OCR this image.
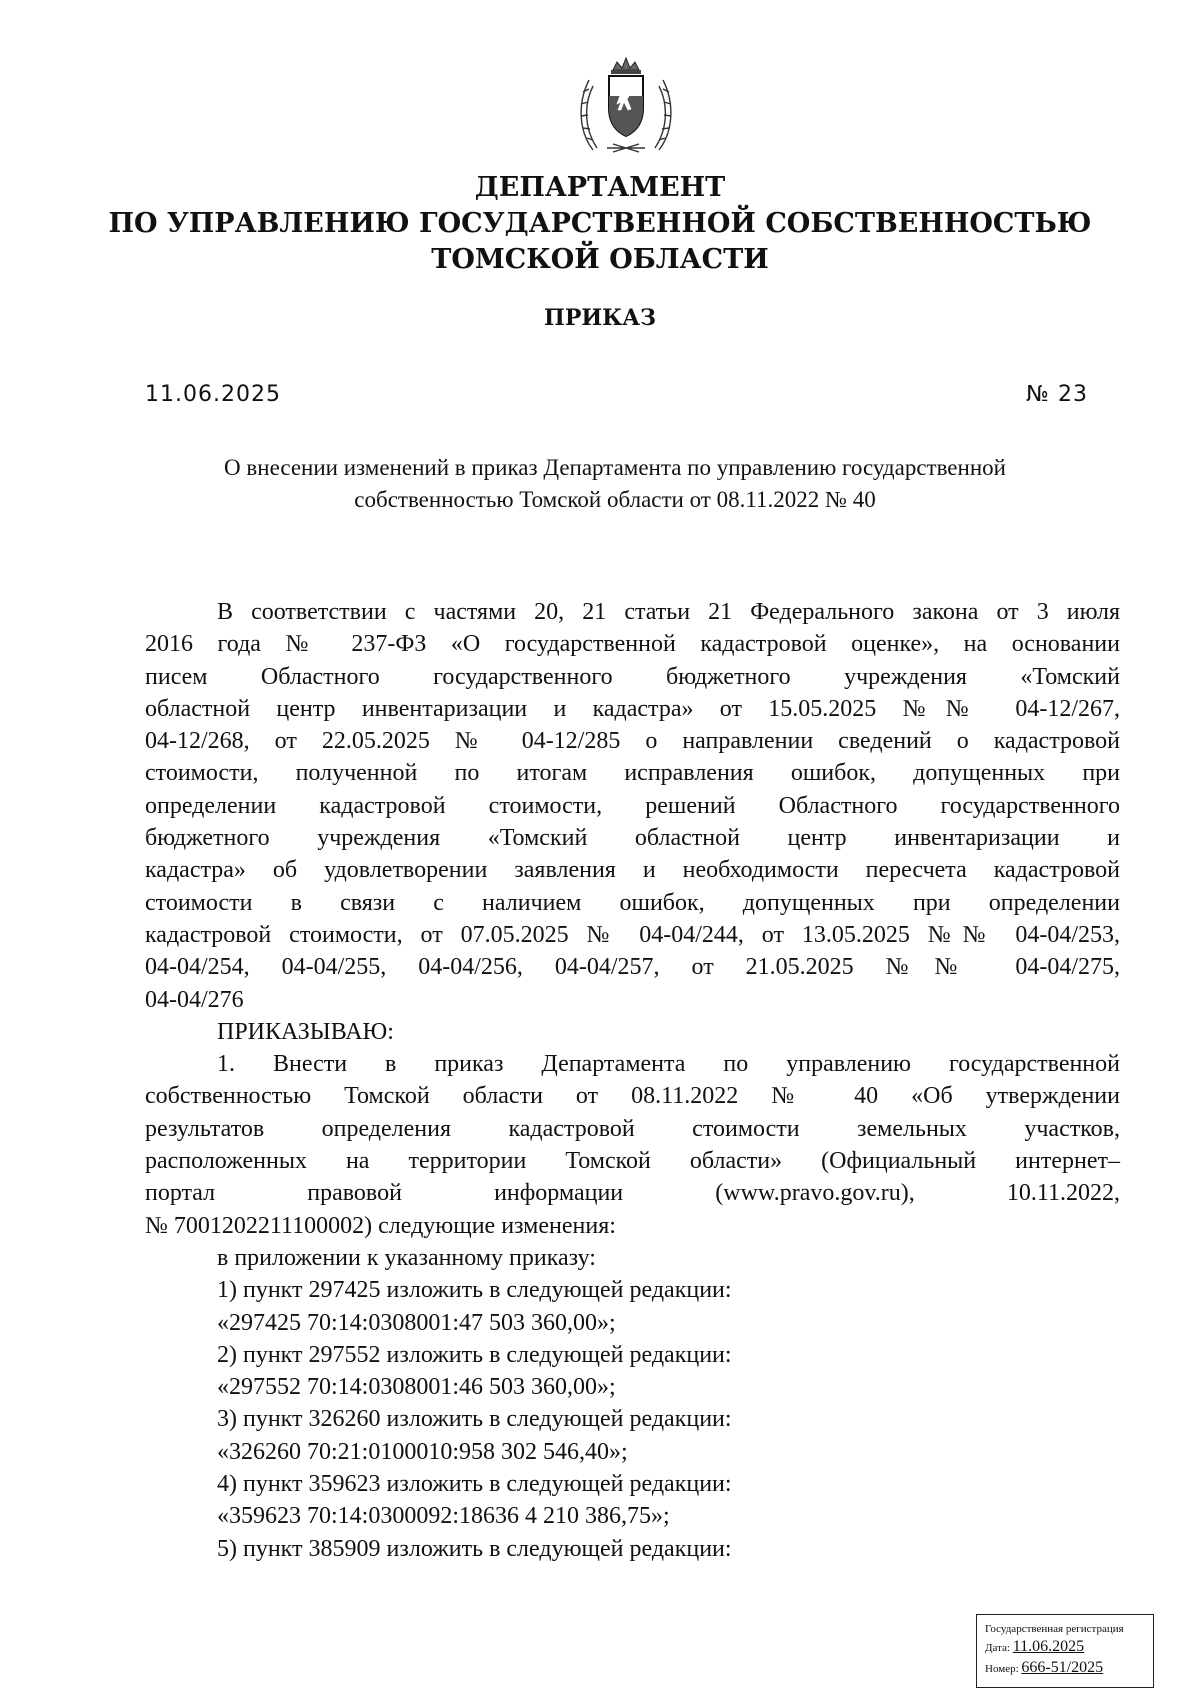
ДЕПАРТАМЕНТ
ПО УПРАВЛЕНИЮ ГОСУДАРСТВЕННОЙ СОБСТВЕННОСТЬЮ
ТОМСКОЙ ОБЛАСТИ
ПРИКАЗ
11.06.2025	№ 23
О внесении изменений в приказ Департамента по управлению государственной
собственностью Томской области от 08.11.2022 № 40
В соответствии с частями 20, 21 статьи 21 Федерального закона от 3 июля
2016 года № 237-ФЗ «О государственной кадастровой оценке», на основании
писем Областного государственного бюджетного учреждения «Томский
областной центр инвентаризации и кадастра» от 15.05.2025 №№ 04-12/267,
04-12/268, от 22.05.2025 № 04-12/285 о направлении сведений о кадастровой
стоимости, полученной по итогам исправления ошибок, допущенных при
определении кадастровой стоимости, решений Областного государственного
бюджетного учреждения «Томский областной центр инвентаризации и
кадастра» об удовлетворении заявления и необходимости пересчета кадастровой
стоимости в связи с наличием ошибок, допущенных при определении
кадастровой стоимости, от 07.05.2025 № 04-04/244, от 13.05.2025 №№ 04-04/253,
04-04/254, 04-04/255, 04-04/256, 04-04/257, от 21.05.2025 №№ 04-04/275,
04-04/276
ПРИКАЗЫВАЮ:
1. Внести в приказ Департамента по управлению государственной
собственностью Томской области от 08.11.2022 № 40 «Об утверждении
результатов определения кадастровой стоимости земельных участков,
расположенных на территории Томской области» (Официальный интернет–
портал правовой информации (www.pravo.gov.ru), 10.11.2022,
№ 7001202211100002) следующие изменения:
в приложении к указанному приказу:
1) пункт 297425 изложить в следующей редакции:
«297425 70:14:0308001:47 503 360,00»;
2) пункт 297552 изложить в следующей редакции:
«297552 70:14:0308001:46 503 360,00»;
3) пункт 326260 изложить в следующей редакции:
«326260 70:21:0100010:958 302 546,40»;
4) пункт 359623 изложить в следующей редакции:
«359623 70:14:0300092:18636 4 210 386,75»;
5) пункт 385909 изложить в следующей редакции:
Государственная регистрация
Дата: 11.06.2025
Номер: 666-51/2025
